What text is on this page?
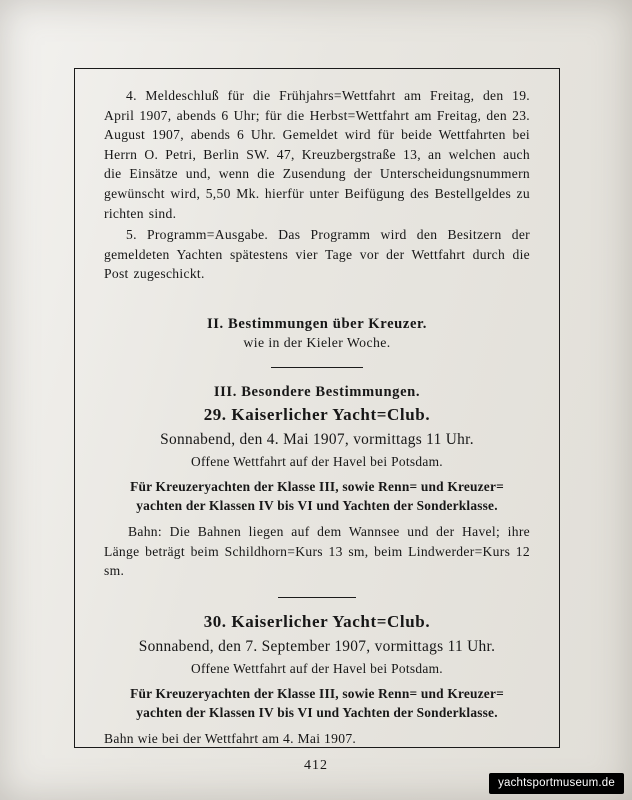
4. Meldeschluß für die Frühjahrs=Wettfahrt am Freitag, den 19. April 1907, abends 6 Uhr; für die Herbst=Wettfahrt am Freitag, den 23. August 1907, abends 6 Uhr. Gemeldet wird für beide Wettfahrten bei Herrn O. Petri, Berlin SW. 47, Kreuzbergstraße 13, an welchen auch die Einsätze und, wenn die Zusendung der Unterscheidungsnummern gewünscht wird, 5,50 Mk. hierfür unter Beifügung des Bestellgeldes zu richten sind.

5. Programm=Ausgabe. Das Programm wird den Besitzern der gemeldeten Yachten spätestens vier Tage vor der Wettfahrt durch die Post zugeschickt.

II. Bestimmungen über Kreuzer.

wie in der Kieler Woche.

III. Besondere Bestimmungen.

29. Kaiserlicher Yacht=Club.

Sonnabend, den 4. Mai 1907, vormittags 11 Uhr.

Offene Wettfahrt auf der Havel bei Potsdam.

Für Kreuzeryachten der Klasse III, sowie Renn= und Kreuzer=
yachten der Klassen IV bis VI und Yachten der Sonderklasse.

Bahn: Die Bahnen liegen auf dem Wannsee und der Havel; ihre Länge beträgt beim Schildhorn=Kurs 13 sm, beim Lindwerder=Kurs 12 sm.

30. Kaiserlicher Yacht=Club.

Sonnabend, den 7. September 1907, vormittags 11 Uhr.

Offene Wettfahrt auf der Havel bei Potsdam.

Für Kreuzeryachten der Klasse III, sowie Renn= und Kreuzer=
yachten der Klassen IV bis VI und Yachten der Sonderklasse.

Bahn wie bei der Wettfahrt am 4. Mai 1907.

412
yachtsportmuseum.de
